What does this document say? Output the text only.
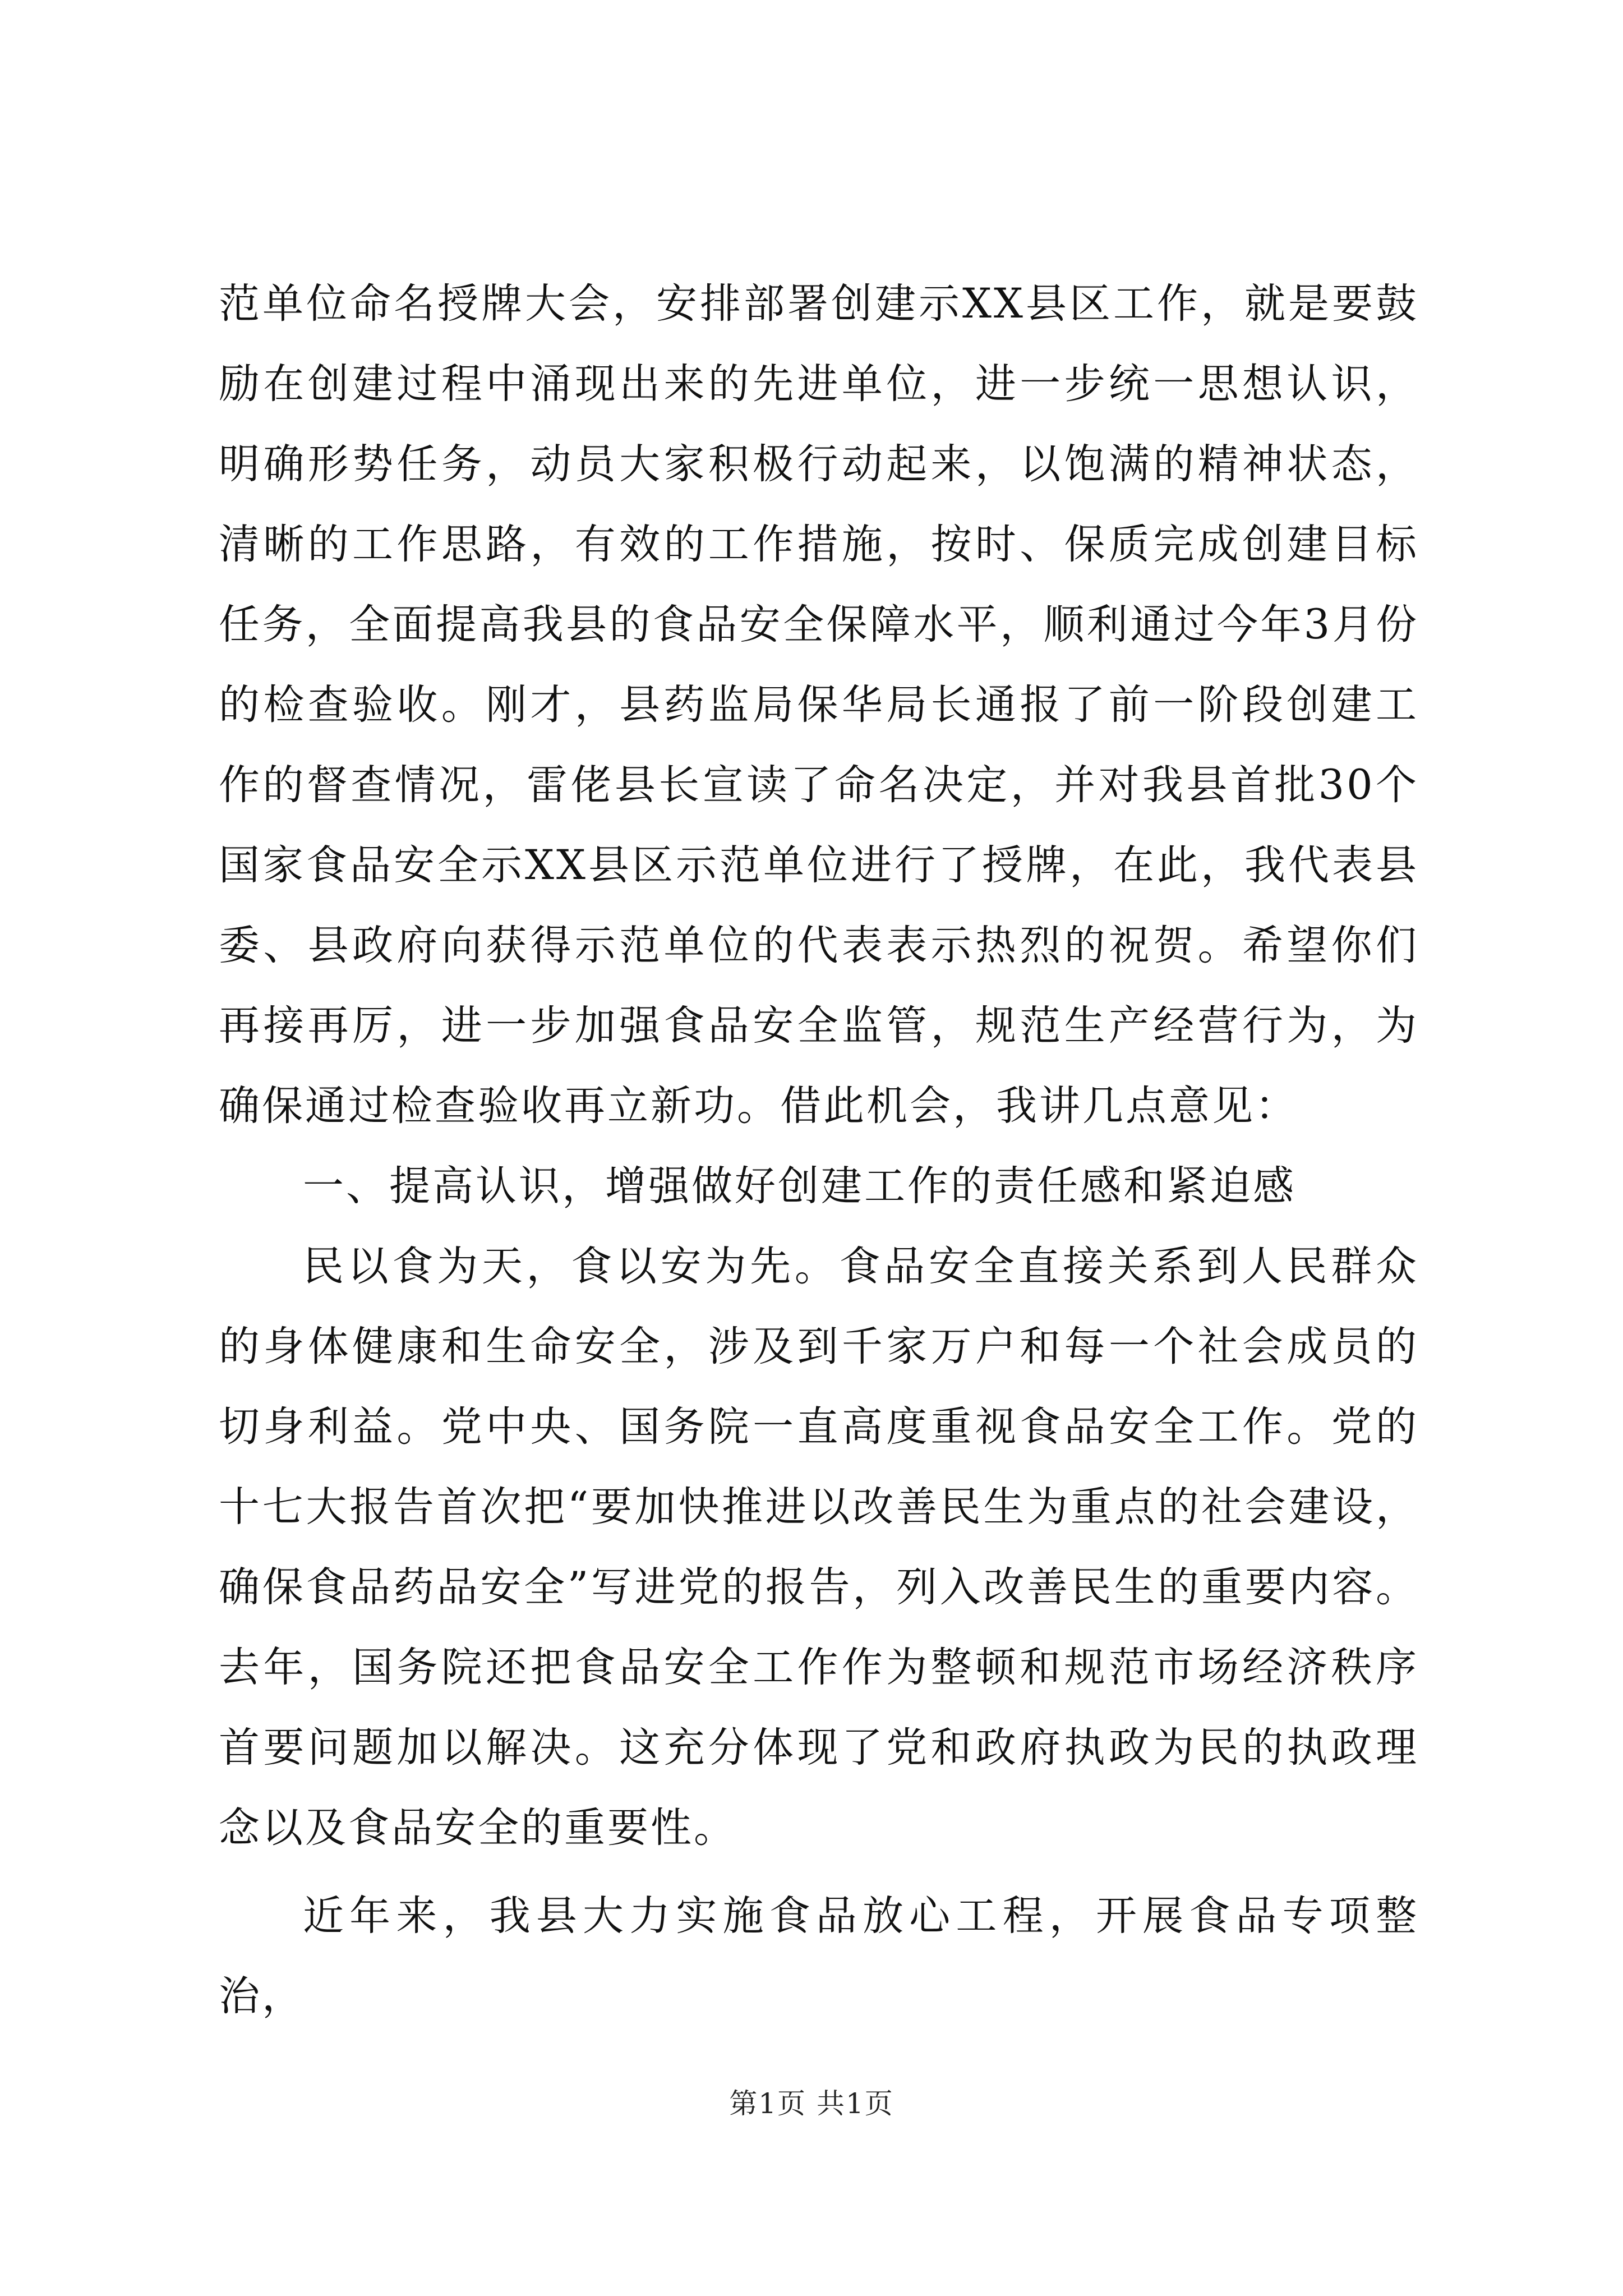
范单位命名授牌大会，安排部署创建示XX县区工作，就是要鼓励在创建过程中涌现出来的先进单位，进一步统一思想认识，明确形势任务，动员大家积极行动起来，以饱满的精神状态，清晰的工作思路，有效的工作措施，按时、保质完成创建目标任务，全面提高我县的食品安全保障水平，顺利通过今年3月份的检查验收。刚才，县药监局保华局长通报了前一阶段创建工作的督查情况，雷佬县长宣读了命名决定，并对我县首批30个国家食品安全示XX县区示范单位进行了授牌，在此，我代表县委、县政府向获得示范单位的代表表示热烈的祝贺。希望你们再接再厉，进一步加强食品安全监管，规范生产经营行为，为确保通过检查验收再立新功。借此机会，我讲几点意见：

一、提高认识，增强做好创建工作的责任感和紧迫感

民以食为天，食以安为先。食品安全直接关系到人民群众的身体健康和生命安全，涉及到千家万户和每一个社会成员的切身利益。党中央、国务院一直高度重视食品安全工作。党的十七大报告首次把“要加快推进以改善民生为重点的社会建设，确保食品药品安全”写进党的报告，列入改善民生的重要内容。去年，国务院还把食品安全工作作为整顿和规范市场经济秩序首要问题加以解决。这充分体现了党和政府执政为民的执政理念以及食品安全的重要性。

近年来，我县大力实施食品放心工程，开展食品专项整治，

第1页 共1页
